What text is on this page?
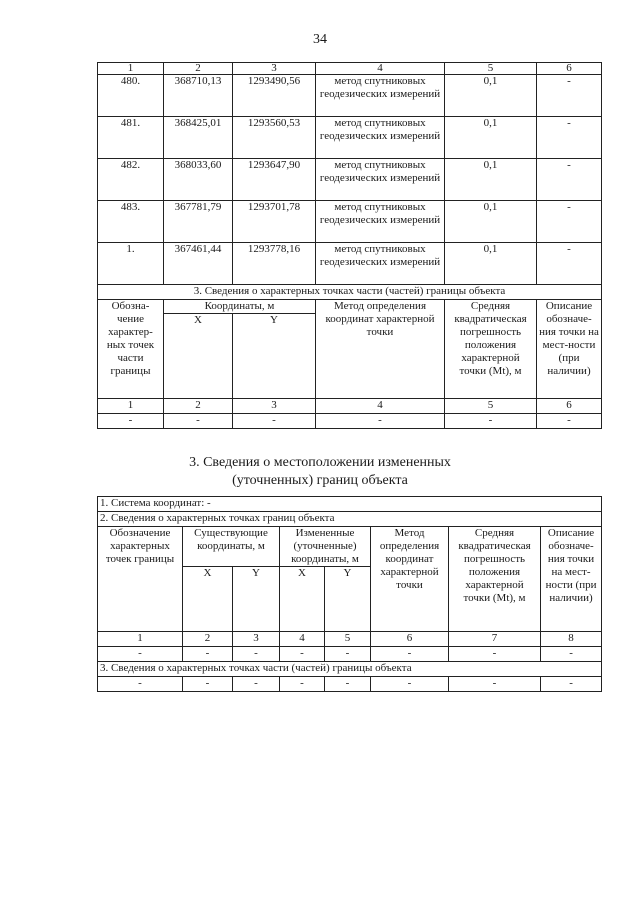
34
1	2	3	4	5	6
480.	368710,13	1293490,56	метод спутниковых геодезических измерений	0,1	-
481.	368425,01	1293560,53	метод спутниковых геодезических измерений	0,1	-
482.	368033,60	1293647,90	метод спутниковых геодезических измерений	0,1	-
483.	367781,79	1293701,78	метод спутниковых геодезических измерений	0,1	-
1.	367461,44	1293778,16	метод спутниковых геодезических измерений	0,1	-
3. Сведения о характерных точках части (частей) границы объекта					
Обозна-чение характер-ных точек части границы	Координаты, м		Метод определения координат характерной точки	Средняя квадратическая погрешность положения характерной точки (Mt), м	Описание обозначе-ния точки на мест-ности (при наличии)
	X	Y			
1	2	3	4	5	6
-	-	-	-	-	-
3. Сведения о местоположении измененных
(уточненных) границ объекта
1. Система координат: -							
2. Сведения о характерных точках границ объекта							
Обозначение характерных точек границы	Существующие координаты, м		Измененные (уточненные) координаты, м		Метод определения координат характерной точки	Средняя квадратическая погрешность положения характерной точки (Mt), м	Описание обозначе-ния точки на мест-ности (при наличии)
	X	Y	X	Y			
1	2	3	4	5	6	7	8
-	-	-	-	-	-	-	-
3. Сведения о характерных точках части (частей) границы объекта							
-	-	-	-	-	-	-	-
